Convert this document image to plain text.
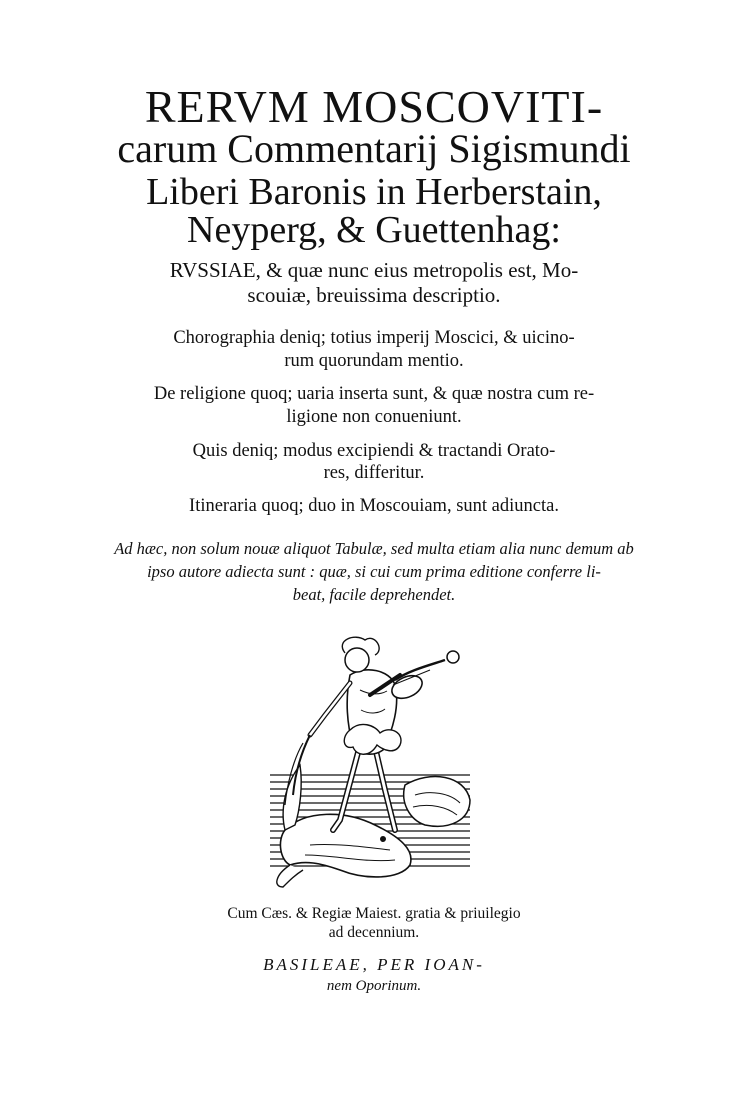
RERVM MOSCOVITI-
carum Commentarij Sigismundi
Liberi Baronis in Herberstain,
Neyperg, & Guettenhag:
RVSSIAE, & quæ nunc eius metropolis est, Mo-
scouiæ, breuissima descriptio.
Chorographia deniq; totius imperij Moscici, & uicino-
rum quorundam mentio.
De religione quoq; uaria inserta sunt, & quæ nostra cum re-
ligione non conueniunt.
Quis deniq; modus excipiendi & tractandi Orato-
res, differitur.
Itineraria quoq; duo in Moscouiam, sunt adiuncta.
Ad hæc, non solum nouæ aliquot Tabulæ, sed multa etiam alia nunc demum ab
ipso autore adiecta sunt : quæ, si cui cum prima editione conferre li-
beat, facile deprehendet.
Cum Cæs. & Regiæ Maiest. gratia & priuilegio
ad decennium.
BASILEAE, PER IOAN-
nem Oporinum.
